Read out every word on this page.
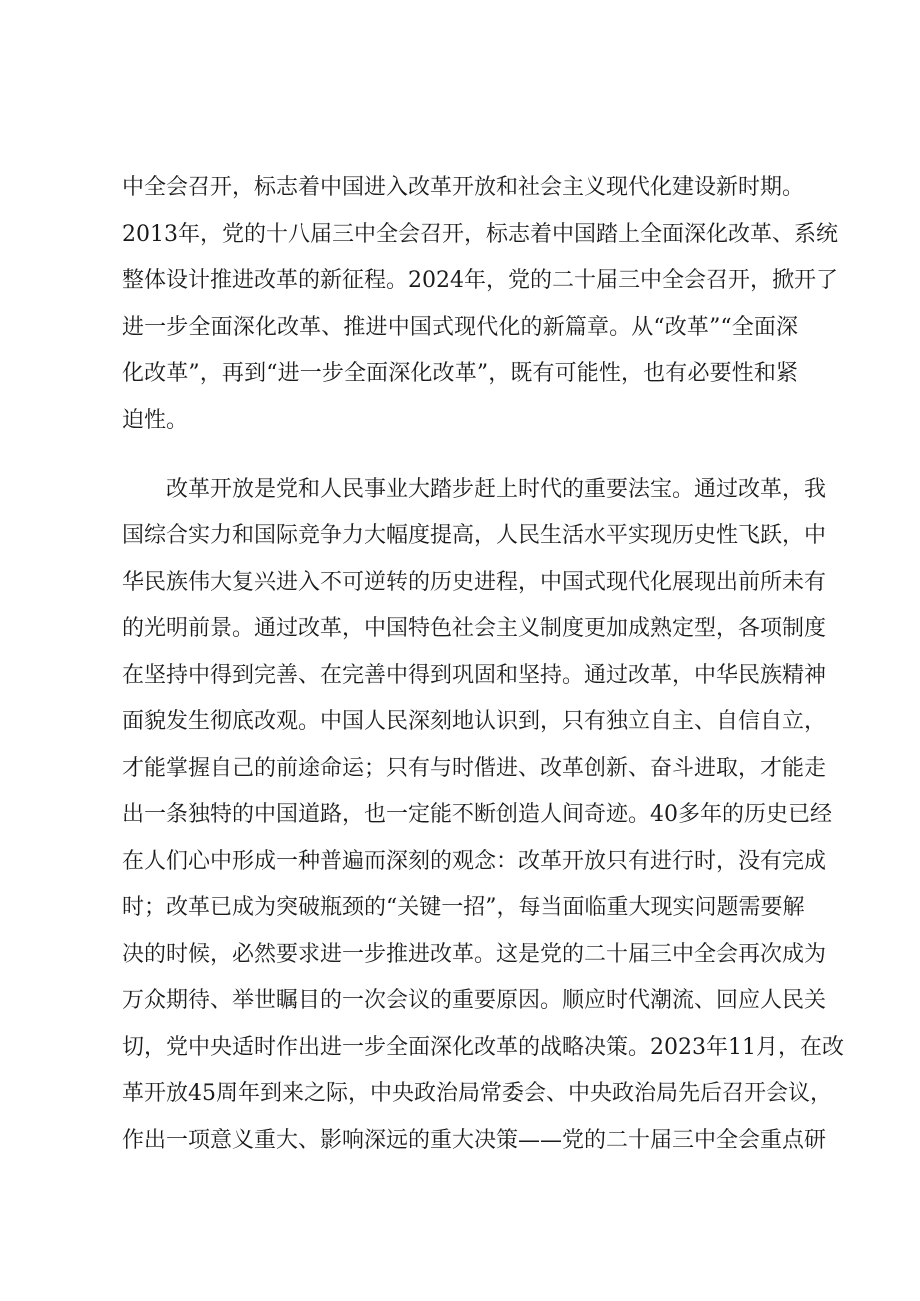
中全会召开，标志着中国进入改革开放和社会主义现代化建设新时期。
2013年，党的十八届三中全会召开，标志着中国踏上全面深化改革、系统
整体设计推进改革的新征程。2024年，党的二十届三中全会召开，掀开了
进一步全面深化改革、推进中国式现代化的新篇章。从“改革”“全面深
化改革”，再到“进一步全面深化改革”，既有可能性，也有必要性和紧
迫性。
改革开放是党和人民事业大踏步赶上时代的重要法宝。通过改革，我
国综合实力和国际竞争力大幅度提高，人民生活水平实现历史性飞跃，中
华民族伟大复兴进入不可逆转的历史进程，中国式现代化展现出前所未有
的光明前景。通过改革，中国特色社会主义制度更加成熟定型，各项制度
在坚持中得到完善、在完善中得到巩固和坚持。通过改革，中华民族精神
面貌发生彻底改观。中国人民深刻地认识到，只有独立自主、自信自立，
才能掌握自己的前途命运；只有与时偕进、改革创新、奋斗进取，才能走
出一条独特的中国道路，也一定能不断创造人间奇迹。40多年的历史已经
在人们心中形成一种普遍而深刻的观念：改革开放只有进行时，没有完成
时；改革已成为突破瓶颈的“关键一招”，每当面临重大现实问题需要解
决的时候，必然要求进一步推进改革。这是党的二十届三中全会再次成为
万众期待、举世瞩目的一次会议的重要原因。顺应时代潮流、回应人民关
切，党中央适时作出进一步全面深化改革的战略决策。2023年11月，在改
革开放45周年到来之际，中央政治局常委会、中央政治局先后召开会议，
作出一项意义重大、影响深远的重大决策——党的二十届三中全会重点研
